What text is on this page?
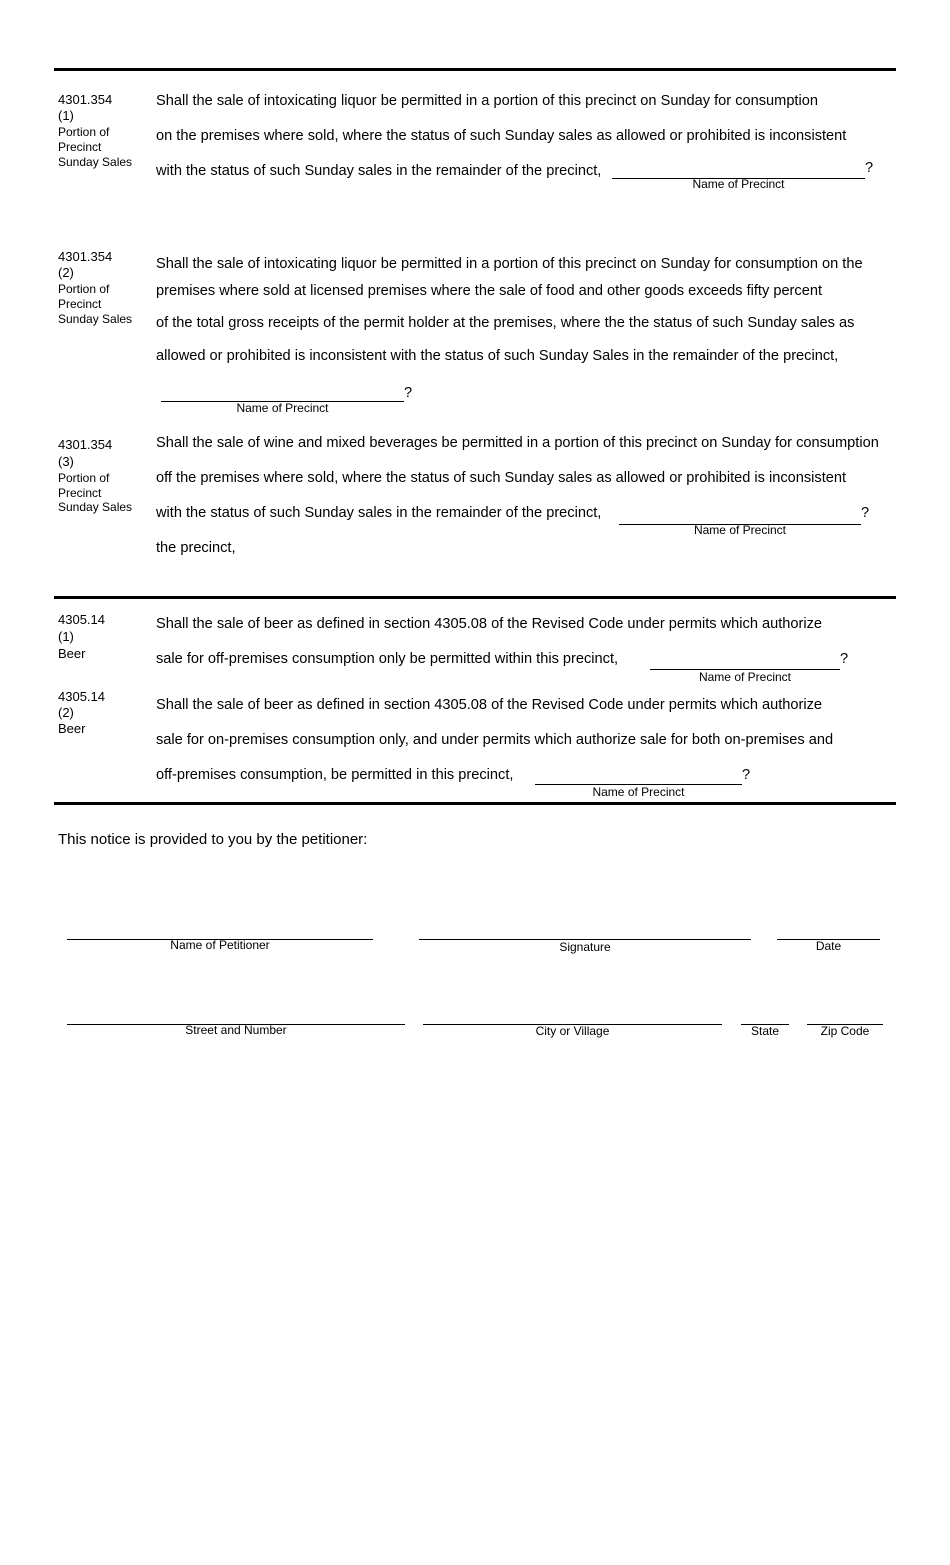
4301.354
(1)
Portion of
Precinct
Sunday Sales
Shall the sale of intoxicating liquor be permitted in a portion of this precinct on Sunday for consumption
on the premises where sold, where the status of such Sunday sales as allowed or prohibited is inconsistent
with the status of such Sunday sales in the remainder of the precinct,	?
Name of Precinct
4301.354
(2)
Portion of
Precinct
Sunday Sales
Shall the sale of intoxicating liquor be permitted in a portion of this precinct on Sunday for consumption on the
premises where sold at licensed premises where the sale of food and other goods exceeds fifty percent
of the total gross receipts of the permit holder at the premises, where the the status of such Sunday sales as
allowed or prohibited is inconsistent with the status of such Sunday Sales in the remainder of the precinct,
?
Name of Precinct
4301.354
(3)
Portion of
Precinct
Sunday Sales
Shall the sale of wine and mixed beverages be permitted in a portion of this precinct on Sunday for consumption
off the premises where sold, where the status of such Sunday sales as allowed or prohibited is inconsistent
with the status of such Sunday sales in the remainder of the precinct,	?
Name of Precinct
the precinct,
4305.14
(1)
Beer
Shall the sale of beer as defined in section 4305.08 of the Revised Code under permits which authorize
sale for off-premises consumption only be permitted within this precinct,	?
Name of Precinct
4305.14
(2)
Beer
Shall the sale of beer as defined in section 4305.08 of the Revised Code under permits which authorize
sale for on-premises consumption only, and under permits which authorize sale for both on-premises and
off-premises consumption, be permitted in this precinct,	?
Name of Precinct
This notice is provided to you by the petitioner:
Name of Petitioner	Signature	Date
Street and Number	City or Village	State	Zip Code
